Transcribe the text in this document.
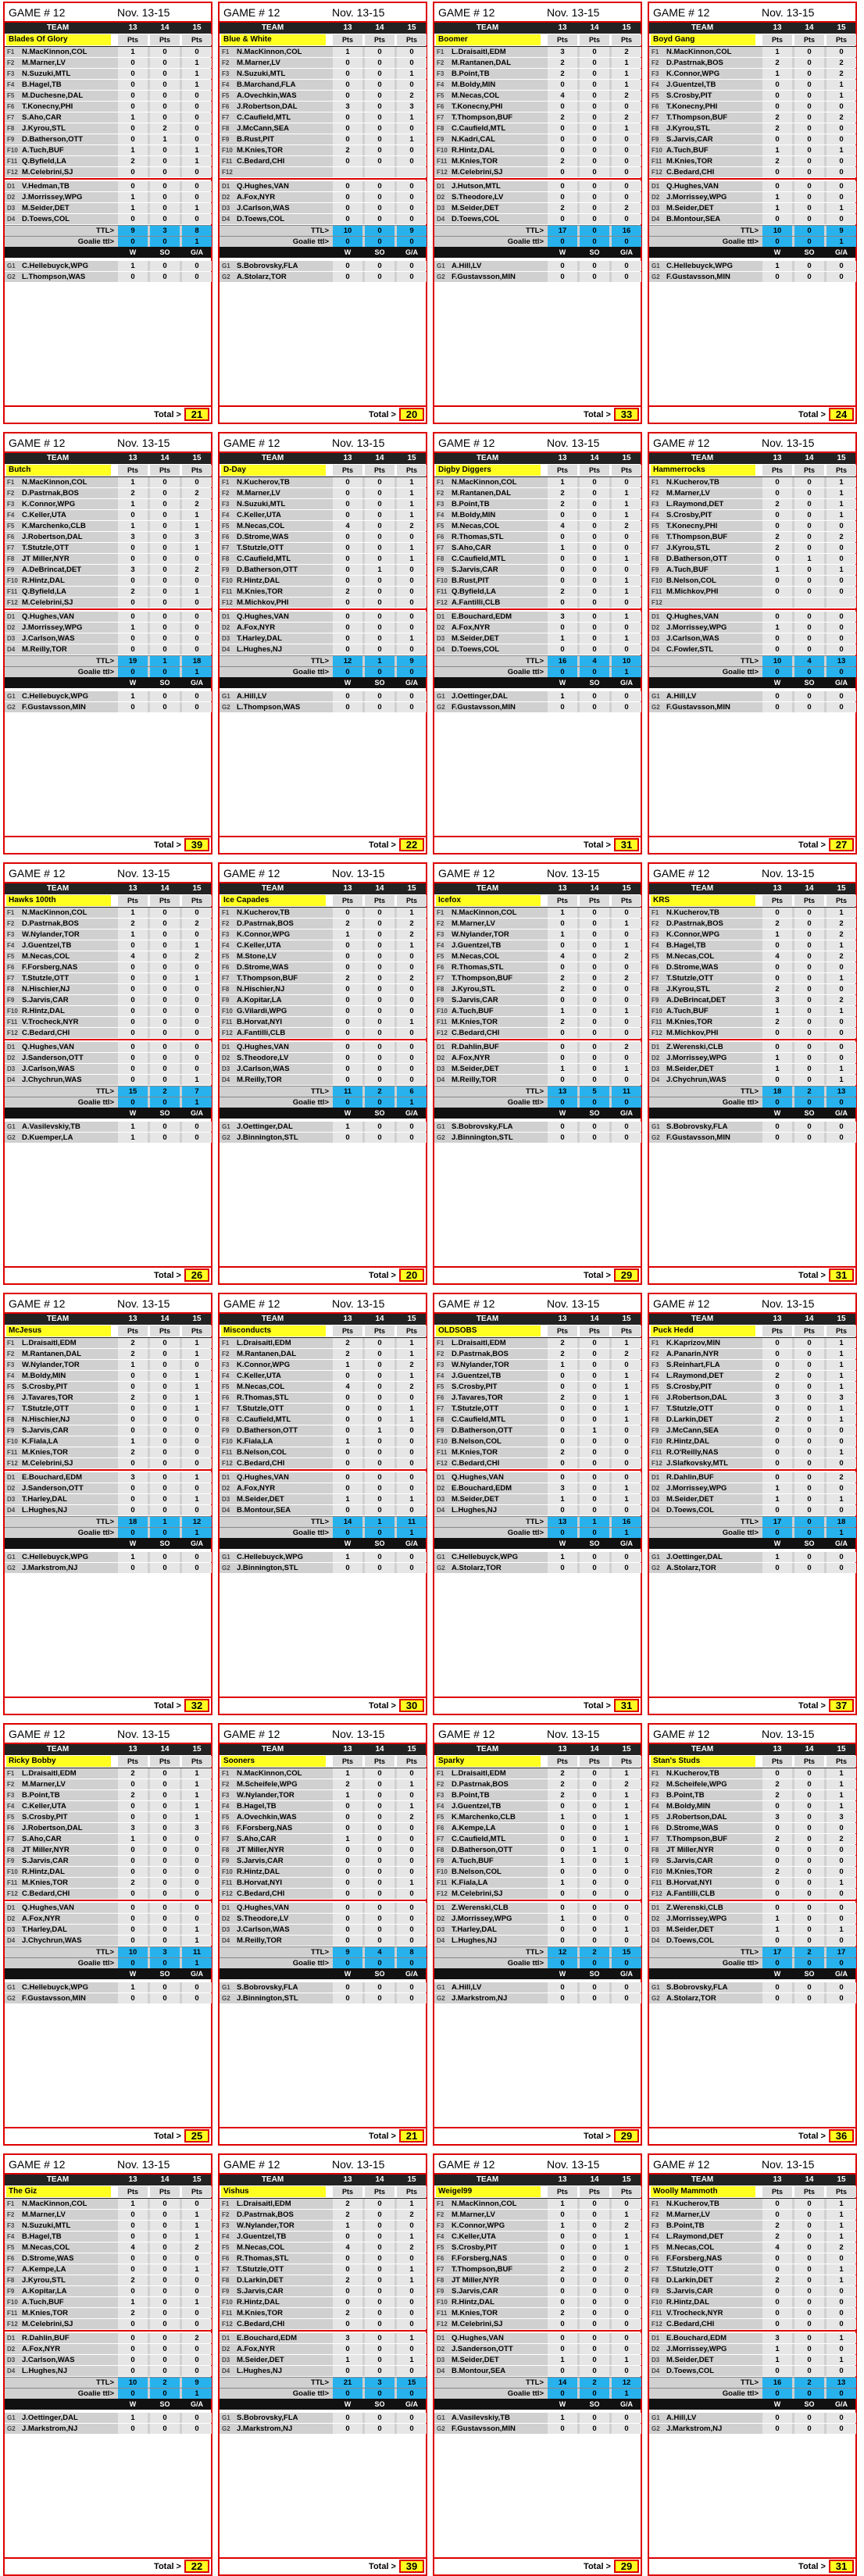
GAME # 12	Nov. 13-15
TEAM	13	14	15
Blades Of Glory	Pts	Pts	Pts
F1 N.MacKinnon,COL	1	0	0
F2 M.Marner,LV	0	0	1
F3 N.Suzuki,MTL	0	0	1
F4 B.Hagel,TB	0	0	1
F5 M.Duchesne,DAL	0	0	0
F6 T.Konecny,PHI	0	0	0
F7 S.Aho,CAR	1	0	0
F8 J.Kyrou,STL	0	2	0
F9 D.Batherson,OTT	0	1	0
F10 A.Tuch,BUF	1	0	1
F11 Q.Byfield,LA	2	0	1
F12 M.Celebrini,SJ	0	0	0
D1 V.Hedman,TB	0	0	0
D2 J.Morrissey,WPG	1	0	0
D3 M.Seider,DET	1	0	1
D4 D.Toews,COL	0	0	0
TTL>	9	3	8
Goalie ttl>	0	0	1
W	SO	G/A
G1 C.Hellebuyck,WPG	1	0	0
G2 L.Thompson,WAS	0	0	0
Total > 21
GAME # 12	Nov. 13-15
TEAM	13	14	15
Blue & White	Pts	Pts	Pts
F1 N.MacKinnon,COL	1	0	0
F2 M.Marner,LV	0	0	0
F3 N.Suzuki,MTL	0	0	1
F4 B.Marchand,FLA	0	0	0
F5 A.Ovechkin,WAS	0	0	2
F6 J.Robertson,DAL	3	0	3
F7 C.Caufield,MTL	0	0	1
F8 J.McCann,SEA	0	0	0
F9 B.Rust,PIT	0	0	1
F10 M.Knies,TOR	2	0	0
F11 C.Bedard,CHI	0	0	0
F12
D1 Q.Hughes,VAN	0	0	0
D2 A.Fox,NYR	0	0	0
D3 J.Carlson,WAS	0	0	0
D4 D.Toews,COL	0	0	0
TTL>	10	0	9
Goalie ttl>	0	0	0
W	SO	G/A
G1 S.Bobrovsky,FLA	0	0	0
G2 A.Stolarz,TOR	0	0	0
Total > 20
GAME # 12	Nov. 13-15
TEAM	13	14	15
Boomer	Pts	Pts	Pts
F1 L.Draisaitl,EDM	3	0	2
F2 M.Rantanen,DAL	2	0	1
F3 B.Point,TB	2	0	1
F4 M.Boldy,MIN	0	0	1
F5 M.Necas,COL	4	0	2
F6 T.Konecny,PHI	0	0	0
F7 T.Thompson,BUF	2	0	2
F8 C.Caufield,MTL	0	0	1
F9 N.Kadri,CAL	0	0	0
F10 R.Hintz,DAL	0	0	0
F11 M.Knies,TOR	2	0	0
F12 M.Celebrini,SJ	0	0	0
D1 J.Hutson,MTL	0	0	0
D2 S.Theodore,LV	0	0	0
D3 M.Seider,DET	2	0	2
D4 D.Toews,COL	0	0	0
TTL>	17	0	16
Goalie ttl>	0	0	0
W	SO	G/A
G1 A.Hill,LV	0	0	0
G2 F.Gustavsson,MIN	0	0	0
Total > 33
GAME # 12	Nov. 13-15
TEAM	13	14	15
Boyd Gang	Pts	Pts	Pts
F1 N.MacKinnon,COL	1	0	0
F2 D.Pastrnak,BOS	2	0	2
F3 K.Connor,WPG	1	0	2
F4 J.Guentzel,TB	0	0	1
F5 S.Crosby,PIT	0	0	1
F6 T.Konecny,PHI	0	0	0
F7 T.Thompson,BUF	2	0	2
F8 J.Kyrou,STL	2	0	0
F9 S.Jarvis,CAR	0	0	0
F10 A.Tuch,BUF	1	0	1
F11 M.Knies,TOR	2	0	0
F12 C.Bedard,CHI	0	0	0
D1 Q.Hughes,VAN	0	0	0
D2 J.Morrissey,WPG	1	0	0
D3 M.Seider,DET	1	0	1
D4 B.Montour,SEA	0	0	0
TTL>	10	0	9
Goalie ttl>	0	0	1
W	SO	G/A
G1 C.Hellebuyck,WPG	1	0	0
G2 F.Gustavsson,MIN	0	0	0
Total > 24
GAME # 12	Nov. 13-15
TEAM	13	14	15
Butch	Pts	Pts	Pts
F1 N.MacKinnon,COL	1	0	0
F2 D.Pastrnak,BOS	2	0	2
F3 K.Connor,WPG	1	0	2
F4 C.Keller,UTA	0	0	1
F5 K.Marchenko,CLB	1	0	1
F6 J.Robertson,DAL	3	0	3
F7 T.Stutzle,OTT	0	0	1
F8 JT Miller,NYR	0	0	0
F9 A.DeBrincat,DET	3	0	2
F10 R.Hintz,DAL	0	0	0
F11 Q.Byfield,LA	2	0	1
F12 M.Celebrini,SJ	0	0	0
D1 Q.Hughes,VAN	0	0	0
D2 J.Morrissey,WPG	1	0	0
D3 J.Carlson,WAS	0	0	0
D4 M.Reilly,TOR	0	0	0
TTL>	19	1	18
Goalie ttl>	0	0	1
W	SO	G/A
G1 C.Hellebuyck,WPG	1	0	0
G2 F.Gustavsson,MIN	0	0	0
Total > 39
GAME # 12	Nov. 13-15
TEAM	13	14	15
D-Day	Pts	Pts	Pts
F1 N.Kucherov,TB	0	0	1
F2 M.Marner,LV	0	0	1
F3 N.Suzuki,MTL	0	0	1
F4 C.Keller,UTA	0	0	1
F5 M.Necas,COL	4	0	2
F6 D.Strome,WAS	0	0	0
F7 T.Stutzle,OTT	0	0	1
F8 C.Caufield,MTL	0	0	1
F9 D.Batherson,OTT	0	1	0
F10 R.Hintz,DAL	0	0	0
F11 M.Knies,TOR	2	0	0
F12 M.Michkov,PHI	0	0	0
D1 Q.Hughes,VAN	0	0	0
D2 A.Fox,NYR	0	0	0
D3 T.Harley,DAL	0	0	1
D4 L.Hughes,NJ	0	0	0
TTL>	12	1	9
Goalie ttl>	0	0	0
W	SO	G/A
G1 A.Hill,LV	0	0	0
G2 L.Thompson,WAS	0	0	0
Total > 22
GAME # 12	Nov. 13-15
TEAM	13	14	15
Digby Diggers	Pts	Pts	Pts
F1 N.MacKinnon,COL	1	0	0
F2 M.Rantanen,DAL	2	0	1
F3 B.Point,TB	2	0	1
F4 M.Boldy,MIN	0	0	1
F5 M.Necas,COL	4	0	2
F6 R.Thomas,STL	0	0	0
F7 S.Aho,CAR	1	0	0
F8 C.Caufield,MTL	0	0	1
F9 S.Jarvis,CAR	0	0	0
F10 B.Rust,PIT	0	0	1
F11 Q.Byfield,LA	2	0	1
F12 A.Fantilli,CLB	0	0	0
D1 E.Bouchard,EDM	3	0	1
D2 A.Fox,NYR	0	0	0
D3 M.Seider,DET	1	0	1
D4 D.Toews,COL	0	0	0
TTL>	16	4	10
Goalie ttl>	0	0	1
W	SO	G/A
G1 J.Oettinger,DAL	1	0	0
G2 F.Gustavsson,MIN	0	0	0
Total > 31
GAME # 12	Nov. 13-15
TEAM	13	14	15
Hammerrocks	Pts	Pts	Pts
F1 N.Kucherov,TB	0	0	1
F2 M.Marner,LV	0	0	1
F3 L.Raymond,DET	2	0	1
F4 S.Crosby,PIT	0	0	1
F5 T.Konecny,PHI	0	0	0
F6 T.Thompson,BUF	2	0	2
F7 J.Kyrou,STL	2	0	0
F8 D.Batherson,OTT	0	1	0
F9 A.Tuch,BUF	1	0	1
F10 B.Nelson,COL	0	0	0
F11 M.Michkov,PHI	0	0	0
F12
D1 Q.Hughes,VAN	0	0	0
D2 J.Morrissey,WPG	1	0	0
D3 J.Carlson,WAS	0	0	0
D4 C.Fowler,STL	0	0	0
TTL>	10	4	13
Goalie ttl>	0	0	0
W	SO	G/A
G1 A.Hill,LV	0	0	0
G2 F.Gustavsson,MIN	0	0	0
Total > 27
GAME # 12	Nov. 13-15
TEAM	13	14	15
Hawks 100th	Pts	Pts	Pts
F1 N.MacKinnon,COL	1	0	0
F2 D.Pastrnak,BOS	2	0	2
F3 W.Nylander,TOR	1	0	0
F4 J.Guentzel,TB	0	0	1
F5 M.Necas,COL	4	0	2
F6 F.Forsberg,NAS	0	0	0
F7 T.Stutzle,OTT	0	0	1
F8 N.Hischier,NJ	0	0	0
F9 S.Jarvis,CAR	0	0	0
F10 R.Hintz,DAL	0	0	0
F11 V.Trocheck,NYR	0	0	0
F12 C.Bedard,CHI	0	0	0
D1 Q.Hughes,VAN	0	0	0
D2 J.Sanderson,OTT	0	0	0
D3 J.Carlson,WAS	0	0	0
D4 J.Chychrun,WAS	0	0	1
TTL>	15	2	7
Goalie ttl>	0	0	1
W	SO	G/A
G1 A.Vasilevskiy,TB	1	0	0
G2 D.Kuemper,LA	1	0	0
Total > 26
GAME # 12	Nov. 13-15
TEAM	13	14	15
Ice Capades	Pts	Pts	Pts
F1 N.Kucherov,TB	0	0	1
F2 D.Pastrnak,BOS	2	0	2
F3 K.Connor,WPG	1	0	2
F4 C.Keller,UTA	0	0	1
F5 M.Stone,LV	0	0	0
F6 D.Strome,WAS	0	0	0
F7 T.Thompson,BUF	2	0	2
F8 N.Hischier,NJ	0	0	0
F9 A.Kopitar,LA	0	0	0
F10 G.Vilardi,WPG	0	0	0
F11 B.Horvat,NYI	0	0	1
F12 A.Fantilli,CLB	0	0	0
D1 Q.Hughes,VAN	0	0	0
D2 S.Theodore,LV	0	0	0
D3 J.Carlson,WAS	0	0	0
D4 M.Reilly,TOR	0	0	0
TTL>	11	2	6
Goalie ttl>	0	0	1
W	SO	G/A
G1 J.Oettinger,DAL	1	0	0
G2 J.Binnington,STL	0	0	0
Total > 20
GAME # 12	Nov. 13-15
TEAM	13	14	15
Icefox	Pts	Pts	Pts
F1 N.MacKinnon,COL	1	0	0
F2 M.Marner,LV	0	0	1
F3 W.Nylander,TOR	1	0	0
F4 J.Guentzel,TB	0	0	1
F5 M.Necas,COL	4	0	2
F6 R.Thomas,STL	0	0	0
F7 T.Thompson,BUF	2	0	2
F8 J.Kyrou,STL	2	0	0
F9 S.Jarvis,CAR	0	0	0
F10 A.Tuch,BUF	1	0	1
F11 M.Knies,TOR	2	0	0
F12 C.Bedard,CHI	0	0	0
D1 R.Dahlin,BUF	0	0	2
D2 A.Fox,NYR	0	0	0
D3 M.Seider,DET	1	0	1
D4 M.Reilly,TOR	0	0	0
TTL>	13	5	11
Goalie ttl>	0	0	0
W	SO	G/A
G1 S.Bobrovsky,FLA	0	0	0
G2 J.Binnington,STL	0	0	0
Total > 29
GAME # 12	Nov. 13-15
TEAM	13	14	15
KRS	Pts	Pts	Pts
F1 N.Kucherov,TB	0	0	1
F2 D.Pastrnak,BOS	2	0	2
F3 K.Connor,WPG	1	0	2
F4 B.Hagel,TB	0	0	1
F5 M.Necas,COL	4	0	2
F6 D.Strome,WAS	0	0	0
F7 T.Stutzle,OTT	0	0	1
F8 J.Kyrou,STL	2	0	0
F9 A.DeBrincat,DET	3	0	2
F10 A.Tuch,BUF	1	0	1
F11 M.Knies,TOR	2	0	0
F12 M.Michkov,PHI	0	0	0
D1 Z.Werenski,CLB	0	0	0
D2 J.Morrissey,WPG	1	0	0
D3 M.Seider,DET	1	0	1
D4 J.Chychrun,WAS	0	0	1
TTL>	18	2	13
Goalie ttl>	0	0	0
W	SO	G/A
G1 S.Bobrovsky,FLA	0	0	0
G2 F.Gustavsson,MIN	0	0	0
Total > 31
GAME # 12	Nov. 13-15
TEAM	13	14	15
McJesus	Pts	Pts	Pts
F1 L.Draisaitl,EDM	2	0	1
F2 M.Rantanen,DAL	2	0	1
F3 W.Nylander,TOR	1	0	0
F4 M.Boldy,MIN	0	0	1
F5 S.Crosby,PIT	0	0	1
F6 J.Tavares,TOR	2	0	1
F7 T.Stutzle,OTT	0	0	1
F8 N.Hischier,NJ	0	0	0
F9 S.Jarvis,CAR	0	0	0
F10 K.Fiala,LA	1	0	0
F11 M.Knies,TOR	2	0	0
F12 M.Celebrini,SJ	0	0	0
D1 E.Bouchard,EDM	3	0	1
D2 J.Sanderson,OTT	0	0	0
D3 T.Harley,DAL	0	0	1
D4 L.Hughes,NJ	0	0	0
TTL>	18	1	12
Goalie ttl>	0	0	1
W	SO	G/A
G1 C.Hellebuyck,WPG	1	0	0
G2 J.Markstrom,NJ	0	0	0
Total > 32
GAME # 12	Nov. 13-15
TEAM	13	14	15
Misconducts	Pts	Pts	Pts
F1 L.Draisaitl,EDM	2	0	1
F2 M.Rantanen,DAL	2	0	1
F3 K.Connor,WPG	1	0	2
F4 C.Keller,UTA	0	0	1
F5 M.Necas,COL	4	0	2
F6 R.Thomas,STL	0	0	0
F7 T.Stutzle,OTT	0	0	1
F8 C.Caufield,MTL	0	0	1
F9 D.Batherson,OTT	0	1	0
F10 K.Fiala,LA	1	0	0
F11 B.Nelson,COL	0	0	0
F12 C.Bedard,CHI	0	0	0
D1 Q.Hughes,VAN	0	0	0
D2 A.Fox,NYR	0	0	0
D3 M.Seider,DET	1	0	1
D4 B.Montour,SEA	0	0	0
TTL>	14	1	11
Goalie ttl>	0	0	1
W	SO	G/A
G1 C.Hellebuyck,WPG	1	0	0
G2 J.Binnington,STL	0	0	0
Total > 30
GAME # 12	Nov. 13-15
TEAM	13	14	15
OLDSOBS	Pts	Pts	Pts
F1 L.Draisaitl,EDM	2	0	1
F2 D.Pastrnak,BOS	2	0	2
F3 W.Nylander,TOR	1	0	0
F4 J.Guentzel,TB	0	0	1
F5 S.Crosby,PIT	0	0	1
F6 J.Tavares,TOR	2	0	1
F7 T.Stutzle,OTT	0	0	1
F8 C.Caufield,MTL	0	0	1
F9 D.Batherson,OTT	0	1	0
F10 B.Nelson,COL	0	0	0
F11 M.Knies,TOR	2	0	0
F12 C.Bedard,CHI	0	0	0
D1 Q.Hughes,VAN	0	0	0
D2 E.Bouchard,EDM	3	0	1
D3 M.Seider,DET	1	0	1
D4 L.Hughes,NJ	0	0	0
TTL>	13	1	16
Goalie ttl>	0	0	1
W	SO	G/A
G1 C.Hellebuyck,WPG	1	0	0
G2 A.Stolarz,TOR	0	0	0
Total > 31
GAME # 12	Nov. 13-15
TEAM	13	14	15
Puck Hedd	Pts	Pts	Pts
F1 K.Kaprizov,MIN	0	0	1
F2 A.Panarin,NYR	0	0	1
F3 S.Reinhart,FLA	0	0	1
F4 L.Raymond,DET	2	0	1
F5 S.Crosby,PIT	0	0	1
F6 J.Robertson,DAL	3	0	3
F7 T.Stutzle,OTT	0	0	1
F8 D.Larkin,DET	2	0	1
F9 J.McCann,SEA	0	0	0
F10 R.Hintz,DAL	0	0	0
F11 R.O'Reilly,NAS	0	0	1
F12 J.Slafkovsky,MTL	0	0	0
D1 R.Dahlin,BUF	0	0	2
D2 J.Morrissey,WPG	1	0	0
D3 M.Seider,DET	1	0	1
D4 D.Toews,COL	0	0	0
TTL>	17	0	18
Goalie ttl>	0	0	1
W	SO	G/A
G1 J.Oettinger,DAL	1	0	0
G2 A.Stolarz,TOR	0	0	0
Total > 37
GAME # 12	Nov. 13-15
TEAM	13	14	15
Ricky Bobby	Pts	Pts	Pts
F1 L.Draisaitl,EDM	2	0	1
F2 M.Marner,LV	0	0	1
F3 B.Point,TB	2	0	1
F4 C.Keller,UTA	0	0	1
F5 S.Crosby,PIT	0	0	1
F6 J.Robertson,DAL	3	0	3
F7 S.Aho,CAR	1	0	0
F8 JT Miller,NYR	0	0	0
F9 S.Jarvis,CAR	0	0	0
F10 R.Hintz,DAL	0	0	0
F11 M.Knies,TOR	2	0	0
F12 C.Bedard,CHI	0	0	0
D1 Q.Hughes,VAN	0	0	0
D2 A.Fox,NYR	0	0	0
D3 T.Harley,DAL	0	0	1
D4 J.Chychrun,WAS	0	0	1
TTL>	10	3	11
Goalie ttl>	0	0	1
W	SO	G/A
G1 C.Hellebuyck,WPG	1	0	0
G2 F.Gustavsson,MIN	0	0	0
Total > 25
GAME # 12	Nov. 13-15
TEAM	13	14	15
Sooners	Pts	Pts	Pts
F1 N.MacKinnon,COL	1	0	0
F2 M.Scheifele,WPG	2	0	1
F3 W.Nylander,TOR	1	0	0
F4 B.Hagel,TB	0	0	1
F5 A.Ovechkin,WAS	0	0	2
F6 F.Forsberg,NAS	0	0	0
F7 S.Aho,CAR	1	0	0
F8 JT Miller,NYR	0	0	0
F9 S.Jarvis,CAR	0	0	0
F10 R.Hintz,DAL	0	0	0
F11 B.Horvat,NYI	0	0	1
F12 C.Bedard,CHI	0	0	0
D1 Q.Hughes,VAN	0	0	0
D2 S.Theodore,LV	0	0	0
D3 J.Carlson,WAS	0	0	0
D4 M.Reilly,TOR	0	0	0
TTL>	9	4	8
Goalie ttl>	0	0	0
W	SO	G/A
G1 S.Bobrovsky,FLA	0	0	0
G2 J.Binnington,STL	0	0	0
Total > 21
GAME # 12	Nov. 13-15
TEAM	13	14	15
Sparky	Pts	Pts	Pts
F1 L.Draisaitl,EDM	2	0	1
F2 D.Pastrnak,BOS	2	0	2
F3 B.Point,TB	2	0	1
F4 J.Guentzel,TB	0	0	1
F5 K.Marchenko,CLB	1	0	1
F6 A.Kempe,LA	0	0	1
F7 C.Caufield,MTL	0	0	1
F8 D.Batherson,OTT	0	1	0
F9 A.Tuch,BUF	1	0	1
F10 B.Nelson,COL	0	0	0
F11 K.Fiala,LA	1	0	0
F12 M.Celebrini,SJ	0	0	0
D1 Z.Werenski,CLB	0	0	0
D2 J.Morrissey,WPG	1	0	0
D3 T.Harley,DAL	0	0	1
D4 L.Hughes,NJ	0	0	0
TTL>	12	2	15
Goalie ttl>	0	0	0
W	SO	G/A
G1 A.Hill,LV	0	0	0
G2 J.Markstrom,NJ	0	0	0
Total > 29
GAME # 12	Nov. 13-15
TEAM	13	14	15
Stan's Studs	Pts	Pts	Pts
F1 N.Kucherov,TB	0	0	1
F2 M.Scheifele,WPG	2	0	1
F3 B.Point,TB	2	0	1
F4 M.Boldy,MIN	0	0	1
F5 J.Robertson,DAL	3	0	3
F6 D.Strome,WAS	0	0	0
F7 T.Thompson,BUF	2	0	2
F8 JT Miller,NYR	0	0	0
F9 S.Jarvis,CAR	0	0	0
F10 M.Knies,TOR	2	0	0
F11 B.Horvat,NYI	0	0	1
F12 A.Fantilli,CLB	0	0	0
D1 Z.Werenski,CLB	0	0	0
D2 J.Morrissey,WPG	1	0	0
D3 M.Seider,DET	1	0	1
D4 D.Toews,COL	0	0	0
TTL>	17	2	17
Goalie ttl>	0	0	0
W	SO	G/A
G1 S.Bobrovsky,FLA	0	0	0
G2 A.Stolarz,TOR	0	0	0
Total > 36
GAME # 12	Nov. 13-15
TEAM	13	14	15
The Giz	Pts	Pts	Pts
F1 N.MacKinnon,COL	1	0	0
F2 M.Marner,LV	0	0	1
F3 N.Suzuki,MTL	0	0	1
F4 B.Hagel,TB	0	0	1
F5 M.Necas,COL	4	0	2
F6 D.Strome,WAS	0	0	0
F7 A.Kempe,LA	0	0	1
F8 J.Kyrou,STL	2	0	0
F9 A.Kopitar,LA	0	0	0
F10 A.Tuch,BUF	1	0	1
F11 M.Knies,TOR	2	0	0
F12 M.Celebrini,SJ	0	0	0
D1 R.Dahlin,BUF	0	0	2
D2 A.Fox,NYR	0	0	0
D3 J.Carlson,WAS	0	0	0
D4 L.Hughes,NJ	0	0	0
TTL>	10	2	9
Goalie ttl>	0	0	1
W	SO	G/A
G1 J.Oettinger,DAL	1	0	0
G2 J.Markstrom,NJ	0	0	0
Total > 22
GAME # 12	Nov. 13-15
TEAM	13	14	15
Vishus	Pts	Pts	Pts
F1 L.Draisaitl,EDM	2	0	1
F2 D.Pastrnak,BOS	2	0	2
F3 W.Nylander,TOR	1	0	0
F4 J.Guentzel,TB	0	0	1
F5 M.Necas,COL	4	0	2
F6 R.Thomas,STL	0	0	0
F7 T.Stutzle,OTT	0	0	1
F8 D.Larkin,DET	2	0	1
F9 S.Jarvis,CAR	0	0	0
F10 R.Hintz,DAL	0	0	0
F11 M.Knies,TOR	2	0	0
F12 C.Bedard,CHI	0	0	0
D1 E.Bouchard,EDM	3	0	1
D2 A.Fox,NYR	0	0	0
D3 M.Seider,DET	1	0	1
D4 L.Hughes,NJ	0	0	0
TTL>	21	3	15
Goalie ttl>	0	0	0
W	SO	G/A
G1 S.Bobrovsky,FLA	0	0	0
G2 J.Markstrom,NJ	0	0	0
Total > 39
GAME # 12	Nov. 13-15
TEAM	13	14	15
Weigel99	Pts	Pts	Pts
F1 N.MacKinnon,COL	1	0	0
F2 M.Marner,LV	0	0	1
F3 K.Connor,WPG	1	0	2
F4 C.Keller,UTA	0	0	1
F5 S.Crosby,PIT	0	0	1
F6 F.Forsberg,NAS	0	0	0
F7 T.Thompson,BUF	2	0	2
F8 JT Miller,NYR	0	0	0
F9 S.Jarvis,CAR	0	0	0
F10 R.Hintz,DAL	0	0	0
F11 M.Knies,TOR	2	0	0
F12 M.Celebrini,SJ	0	0	0
D1 Q.Hughes,VAN	0	0	0
D2 J.Sanderson,OTT	0	0	0
D3 M.Seider,DET	1	0	1
D4 B.Montour,SEA	0	0	0
TTL>	14	2	12
Goalie ttl>	0	0	1
W	SO	G/A
G1 A.Vasilevskiy,TB	1	0	0
G2 F.Gustavsson,MIN	0	0	0
Total > 29
GAME # 12	Nov. 13-15
TEAM	13	14	15
Woolly Mammoth	Pts	Pts	Pts
F1 N.Kucherov,TB	0	0	1
F2 M.Marner,LV	0	0	1
F3 B.Point,TB	2	0	1
F4 L.Raymond,DET	2	0	1
F5 M.Necas,COL	4	0	2
F6 F.Forsberg,NAS	0	0	0
F7 T.Stutzle,OTT	0	0	1
F8 D.Larkin,DET	2	0	1
F9 S.Jarvis,CAR	0	0	0
F10 R.Hintz,DAL	0	0	0
F11 V.Trocheck,NYR	0	0	0
F12 C.Bedard,CHI	0	0	0
D1 E.Bouchard,EDM	3	0	1
D2 J.Morrissey,WPG	1	0	0
D3 M.Seider,DET	1	0	1
D4 D.Toews,COL	0	0	0
TTL>	16	2	13
Goalie ttl>	0	0	0
W	SO	G/A
G1 A.Hill,LV	0	0	0
G2 J.Markstrom,NJ	0	0	0
Total > 31
